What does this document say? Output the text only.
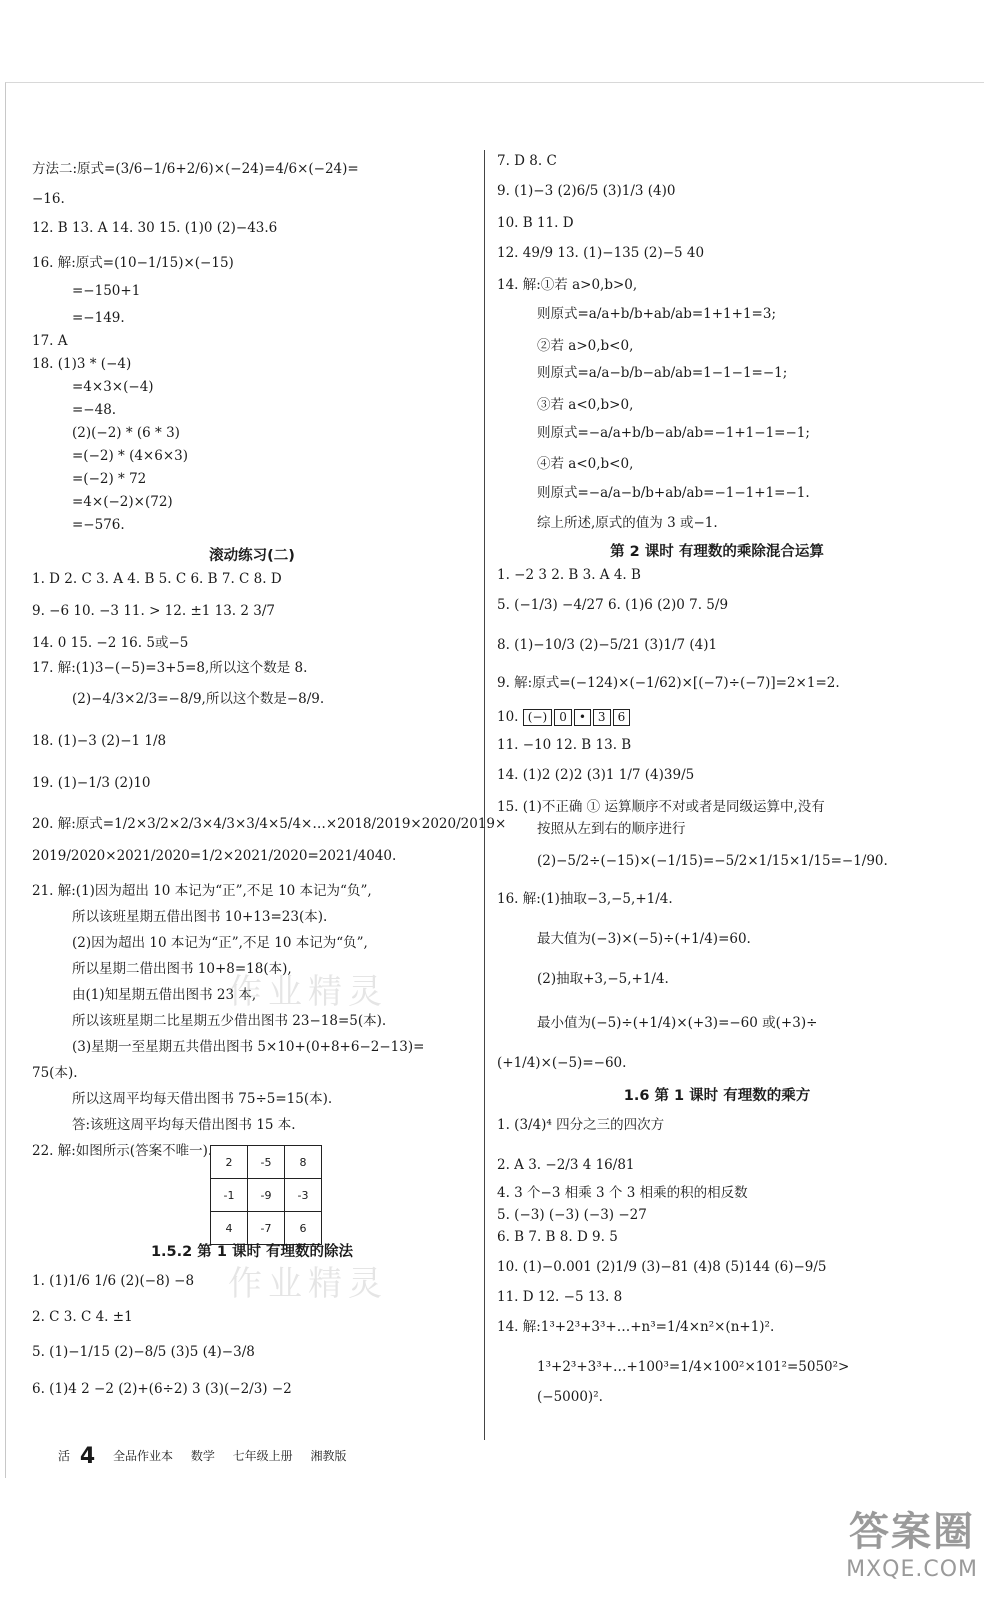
方法二:原式=(3/6−1/6+2/6)×(−24)=4/6×(−24)=
−16.
12. B 13. A 14. 30 15. (1)0 (2)−43.6
16. 解:原式=(10−1/15)×(−15)
=−150+1
=−149.
17. A
18. (1)3 * (−4)
=4×3×(−4)
=−48.
(2)(−2) * (6 * 3)
=(−2) * (4×6×3)
=(−2) * 72
=4×(−2)×(72)
=−576.
滚动练习(二)
1. D 2. C 3. A 4. B 5. C 6. B 7. C 8. D
9. −6 10. −3 11. > 12. ±1 13. 2 3/7
14. 0 15. −2 16. 5或−5
17. 解:(1)3−(−5)=3+5=8,所以这个数是 8.
(2)−4/3×2/3=−8/9,所以这个数是−8/9.
18. (1)−3 (2)−1 1/8
19. (1)−1/3 (2)10
20. 解:原式=1/2×3/2×2/3×4/3×3/4×5/4×…×2018/2019×2020/2019×
2019/2020×2021/2020=1/2×2021/2020=2021/4040.
21. 解:(1)因为超出 10 本记为“正”,不足 10 本记为“负”,
所以该班星期五借出图书 10+13=23(本).
(2)因为超出 10 本记为“正”,不足 10 本记为“负”,
所以星期二借出图书 10+8=18(本),
由(1)知星期五借出图书 23 本,
所以该班星期二比星期五少借出图书 23−18=5(本).
(3)星期一至星期五共借出图书 5×10+(0+8+6−2−13)=
75(本).
所以这周平均每天借出图书 75÷5=15(本).
答:该班这周平均每天借出图书 15 本.
22. 解:如图所示(答案不唯一).
2	-5	8
-1	-9	-3
4	-7	6
1.5.2 第 1 课时 有理数的除法
1. (1)1/6 1/6 (2)(−8) −8
2. C 3. C 4. ±1
5. (1)−1/15 (2)−8/5 (3)5 (4)−3/8
6. (1)4 2 −2 (2)+(6÷2) 3 (3)(−2/3) −2
7. D 8. C
9. (1)−3 (2)6/5 (3)1/3 (4)0
10. B 11. D
12. 49/9 13. (1)−135 (2)−5 40
14. 解:①若 a>0,b>0,
则原式=a/a+b/b+ab/ab=1+1+1=3;
②若 a>0,b<0,
则原式=a/a−b/b−ab/ab=1−1−1=−1;
③若 a<0,b>0,
则原式=−a/a+b/b−ab/ab=−1+1−1=−1;
④若 a<0,b<0,
则原式=−a/a−b/b+ab/ab=−1−1+1=−1.
综上所述,原式的值为 3 或−1.
第 2 课时 有理数的乘除混合运算
1. −2 3 2. B 3. A 4. B
5. (−1/3) −4/27 6. (1)6 (2)0 7. 5/9
8. (1)−10/3 (2)−5/21 (3)1/7 (4)1
9. 解:原式=(−124)×(−1/62)×[(−7)÷(−7)]=2×1=2.
10. (−)	0	•	3	6
11. −10 12. B 13. B
14. (1)2 (2)2 (3)1 1/7 (4)39/5
15. (1)不正确 ① 运算顺序不对或者是同级运算中,没有
按照从左到右的顺序进行
(2)−5/2÷(−15)×(−1/15)=−5/2×1/15×1/15=−1/90.
16. 解:(1)抽取−3,−5,+1/4.
最大值为(−3)×(−5)÷(+1/4)=60.
(2)抽取+3,−5,+1/4.
最小值为(−5)÷(+1/4)×(+3)=−60 或(+3)÷
(+1/4)×(−5)=−60.
1.6 第 1 课时 有理数的乘方
1. (3/4)⁴ 四分之三的四次方
2. A 3. −2/3 4 16/81
4. 3 个−3 相乘 3 个 3 相乘的积的相反数
5. (−3) (−3) (−3) −27
6. B 7. B 8. D 9. 5
10. (1)−0.001 (2)1/9 (3)−81 (4)8 (5)144 (6)−9/5
11. D 12. −5 13. 8
14. 解:1³+2³+3³+…+n³=1/4×n²×(n+1)².
1³+2³+3³+…+100³=1/4×100²×101²=5050²>
(−5000)².
作业精灵
作业精灵
活 4 全品作业本 数学 七年级上册 湘教版
答案圈
MXQE.COM
